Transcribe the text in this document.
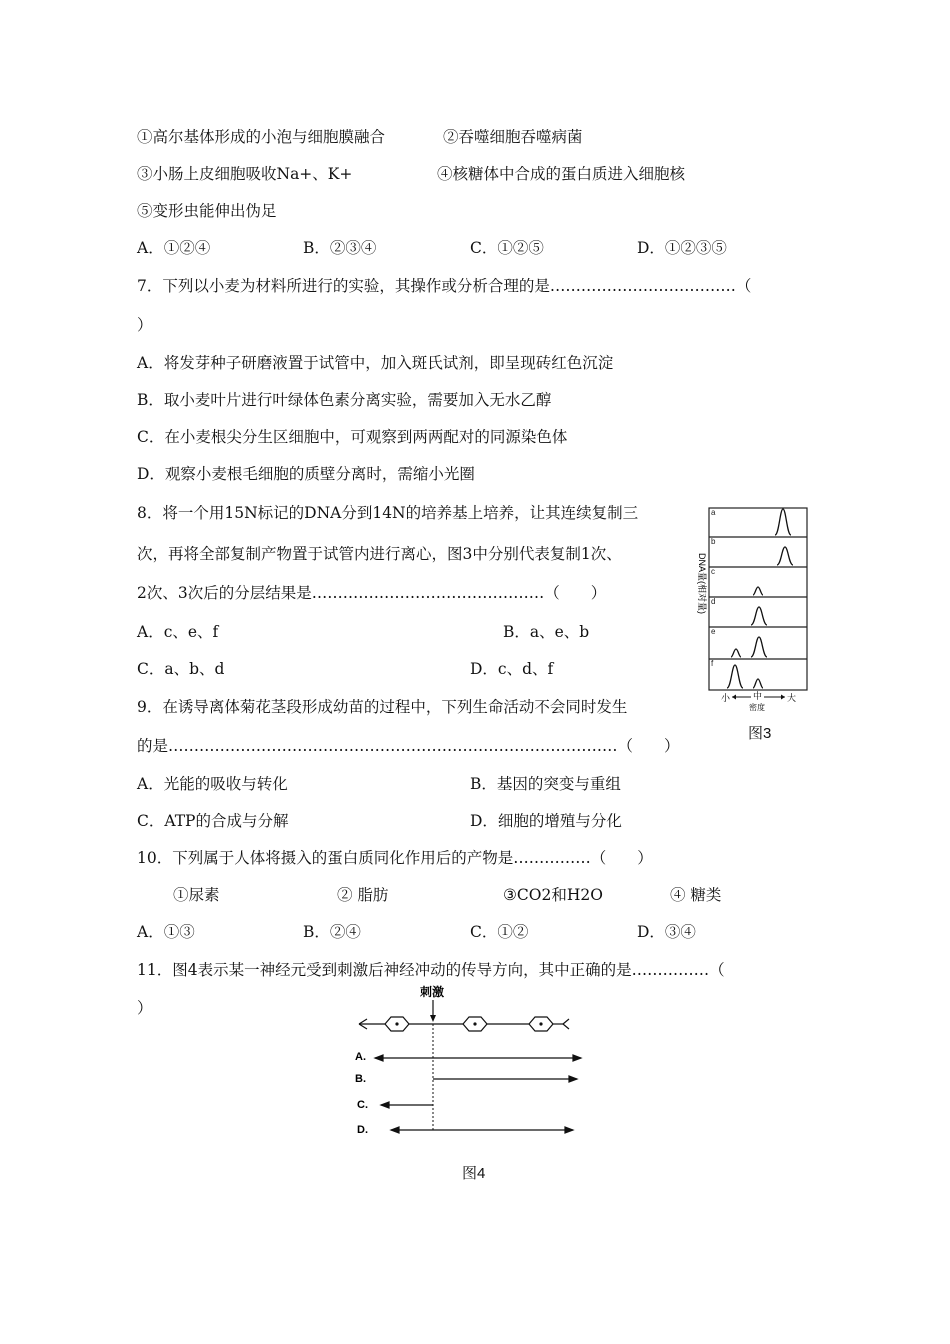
①高尔基体形成的小泡与细胞膜融合	②吞噬细胞吞噬病菌
③小肠上皮细胞吸收Na+、K+	④核糖体中合成的蛋白质进入细胞核
⑤变形虫能伸出伪足
A．①②④	B．②③④	C．①②⑤	D．①②③⑤
7．下列以小麦为材料所进行的实验，其操作或分析合理的是………………………………（
）
A．将发芽种子研磨液置于试管中，加入斑氏试剂，即呈现砖红色沉淀
B．取小麦叶片进行叶绿体色素分离实验，需要加入无水乙醇
C．在小麦根尖分生区细胞中，可观察到两两配对的同源染色体
D．观察小麦根毛细胞的质壁分离时，需缩小光圈
8．将一个用15N标记的DNA分到14N的培养基上培养，让其连续复制三
次，再将全部复制产物置于试管内进行离心，图3中分别代表复制1次、
2次、3次后的分层结果是………………………………………（　　）
A．c、e、f	B．a、e、b
C．a、b、d	D．c、d、f
DNA量(相对量)
a
b
c
d
e
f
小	中	大
密度
图3
9．在诱导离体菊花茎段形成幼苗的过程中，下列生命活动不会同时发生
的是……………………………………………………………………………（　　）
A．光能的吸收与转化	B．基因的突变与重组
C．ATP的合成与分解	D．细胞的增殖与分化
10．下列属于人体将摄入的蛋白质同化作用后的产物是……………（　　）
①尿素	② 脂肪	③CO2和H2O	④ 糖类
A．①③	B．②④	C．①②	D．③④
11．图4表示某一神经元受到刺激后神经冲动的传导方向，其中正确的是……………（
）
刺激
A.
B.
C.
D.
图4
